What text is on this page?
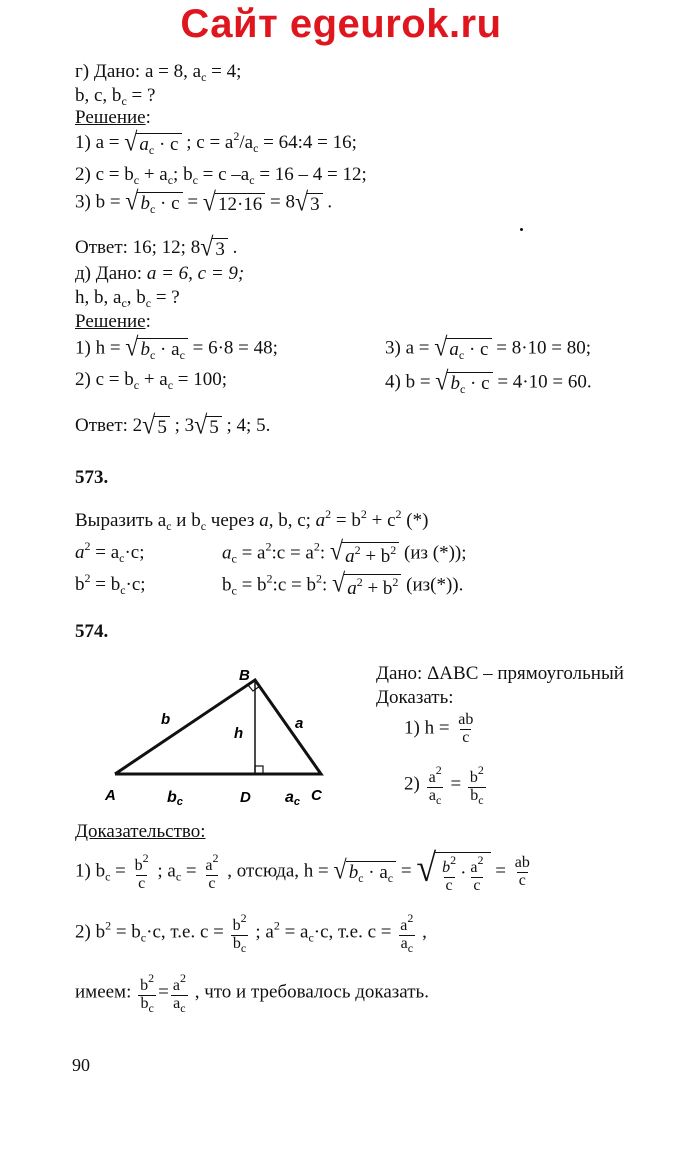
Сайт egeurok.ru
г) Дано: a = 8, $a_c = 4$;
b, c, $b_c$ = ?
Решение:
1) a = √ $a_c \cdot c$ ; $c = a^2/a_c$ = 64:4 = 16;
2) $c = b_c + a_c$; $b_c = c$ $-a_c = 16 - 4 = 12$;
3) b = √ $b_c \cdot c$ = √ 12·16 = 8 √ 3 .
Ответ: 16; 12; 8 √ 3 .
д) Дано: a = 6, c = 9;
h, b, $a_c$, $b_c$ = ?
Решение:
1) h = √ $b_c \cdot a_c = 6\cdot 8 = 48$;	3) a = √ $a_c \cdot c = 8\cdot 10 = 80$;
2) $c = b_c + a_c = 100$;	4) b = √ $b_c \cdot c = 4\cdot 10 = 60$.
Ответ: 2 √ 5 ; 3 √ 5 ; 4; 5.
573.
Выразить $a_c$ и $b_c$ через a, b, c; $a^2 = b^2 + c^2$ (*)
$a^2 = a_c\cdot c$;	$a_c$ = $a^2:c = a^2$: √ $a^2 + b^2$ (из (*));
$b^2 = b_c\cdot c$;	$b_c$ = $b^2:c = b^2$: √ $a^2 + b^2$ (из(*)).
574.
B
A	D	C
b	a
h
bc	ac
Дано: ΔABC – прямоугольный
Доказать:
1) $h = \frac{ab}{c}$
$2) \frac{a^2}{a_c} = \frac{b^2}{b_c}$
Доказательство:
1) $b_c = \frac{b^2}{c}$ ; $a_c = \frac{a^2}{c}$ , отсюда, h = √ $b_c \cdot a_c$ = √ $\frac{b^2}{c} \cdot \frac{a^2}{c} = \frac{ab}{c}$
2) $b^2 = b_c\cdot c$, т.е. $c = \frac{b^2}{b_c}$ ; $a^2 = a_c\cdot c$, т.е. $c = \frac{a^2}{a_c}$ ,
имеем: $\frac{b^2}{b_c} = \frac{a^2}{a_c}$ , что и требовалось доказать.
90
